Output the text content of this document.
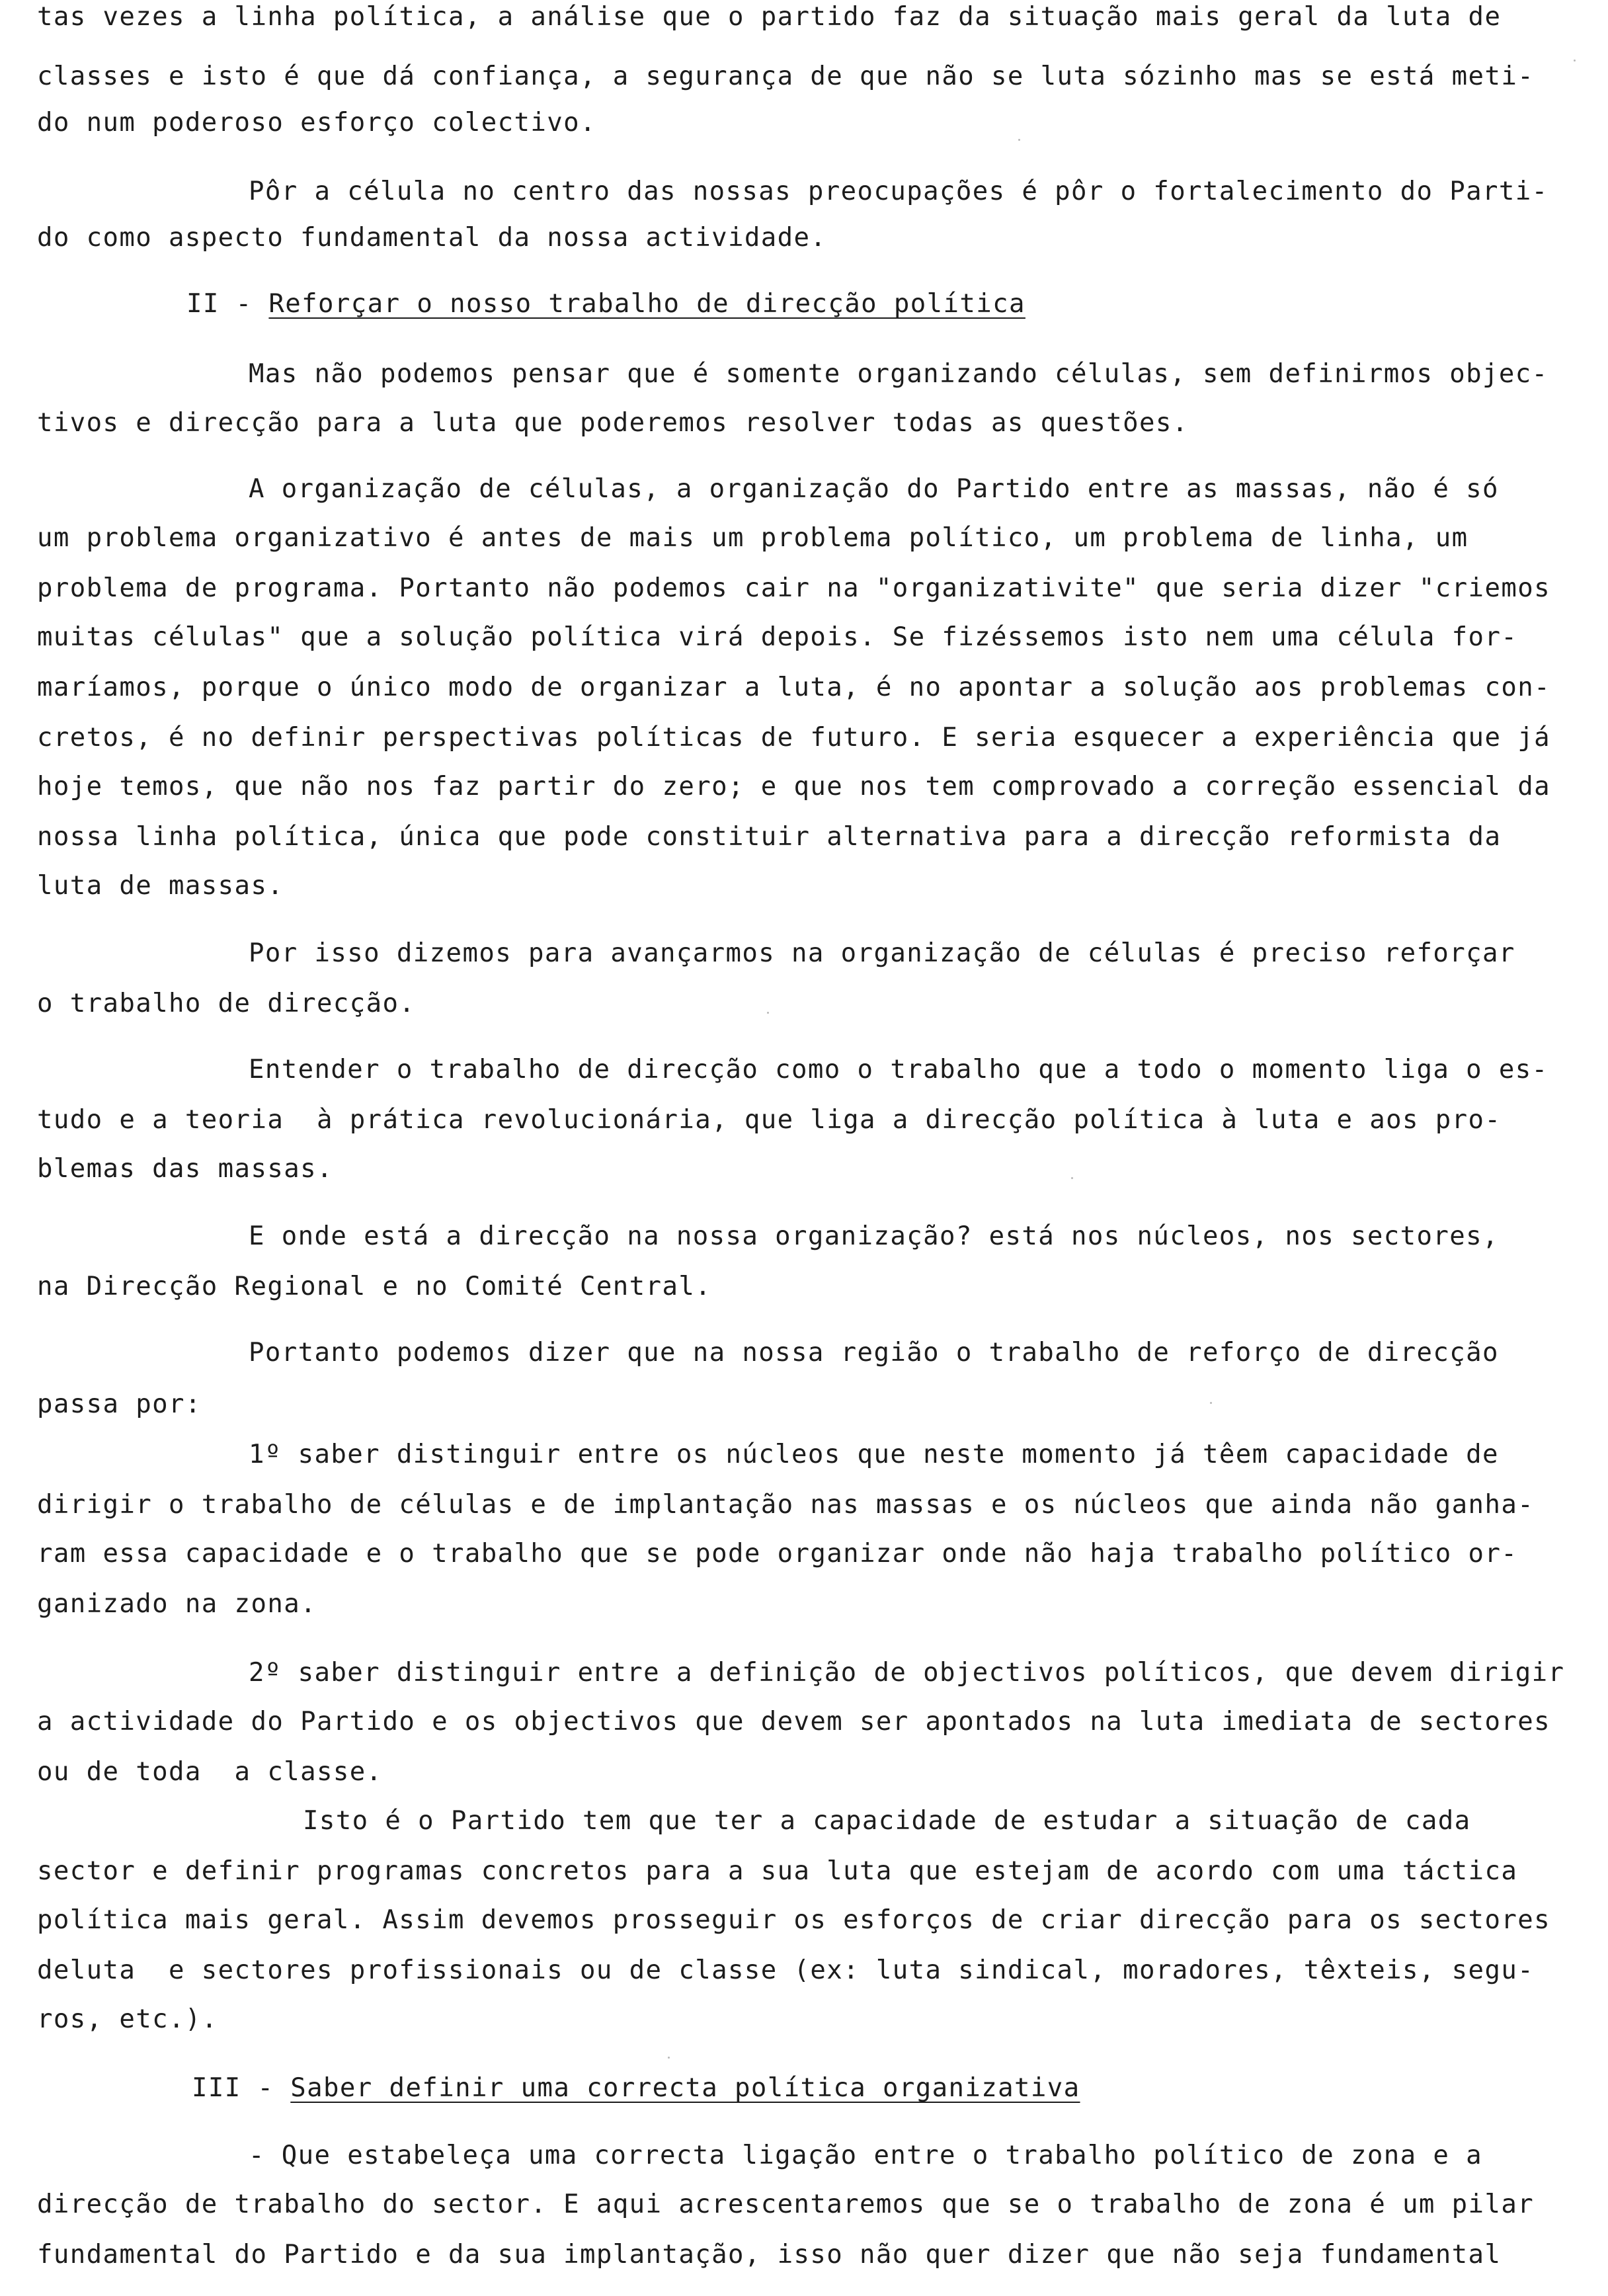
tas vezes a linha política, a análise que o partido faz da situação mais geral da luta de
classes e isto é que dá confiança, a segurança de que não se luta sózinho mas se está meti-
do num poderoso esforço colectivo.
Pôr a célula no centro das nossas preocupações é pôr o fortalecimento do Parti-
do como aspecto fundamental da nossa actividade.
II - Reforçar o nosso trabalho de direcção política
Mas não podemos pensar que é somente organizando células, sem definirmos objec-
tivos e direcção para a luta que poderemos resolver todas as questões.
A organização de células, a organização do Partido entre as massas, não é só
um problema organizativo é antes de mais um problema político, um problema de linha, um
problema de programa. Portanto não podemos cair na "organizativite" que seria dizer "criemos
muitas células" que a solução política virá depois. Se fizéssemos isto nem uma célula for-
maríamos, porque o único modo de organizar a luta, é no apontar a solução aos problemas con-
cretos, é no definir perspectivas políticas de futuro. E seria esquecer a experiência que já
hoje temos, que não nos faz partir do zero; e que nos tem comprovado a correção essencial da
nossa linha política, única que pode constituir alternativa para a direcção reformista da
luta de massas.
Por isso dizemos para avançarmos na organização de células é preciso reforçar
o trabalho de direcção.
Entender o trabalho de direcção como o trabalho que a todo o momento liga o es-
tudo e a teoria  à prática revolucionária, que liga a direcção política à luta e aos pro-
blemas das massas.
E onde está a direcção na nossa organização? está nos núcleos, nos sectores,
na Direcção Regional e no Comité Central.
Portanto podemos dizer que na nossa região o trabalho de reforço de direcção
passa por:
1º saber distinguir entre os núcleos que neste momento já têem capacidade de
dirigir o trabalho de células e de implantação nas massas e os núcleos que ainda não ganha-
ram essa capacidade e o trabalho que se pode organizar onde não haja trabalho político or-
ganizado na zona.
2º saber distinguir entre a definição de objectivos políticos, que devem dirigir
a actividade do Partido e os objectivos que devem ser apontados na luta imediata de sectores
ou de toda  a classe.
Isto é o Partido tem que ter a capacidade de estudar a situação de cada
sector e definir programas concretos para a sua luta que estejam de acordo com uma táctica
política mais geral. Assim devemos prosseguir os esforços de criar direcção para os sectores
deluta  e sectores profissionais ou de classe (ex: luta sindical, moradores, têxteis, segu-
ros, etc.).
III - Saber definir uma correcta política organizativa
- Que estabeleça uma correcta ligação entre o trabalho político de zona e a
direcção de trabalho do sector. E aqui acrescentaremos que se o trabalho de zona é um pilar
fundamental do Partido e da sua implantação, isso não quer dizer que não seja fundamental
